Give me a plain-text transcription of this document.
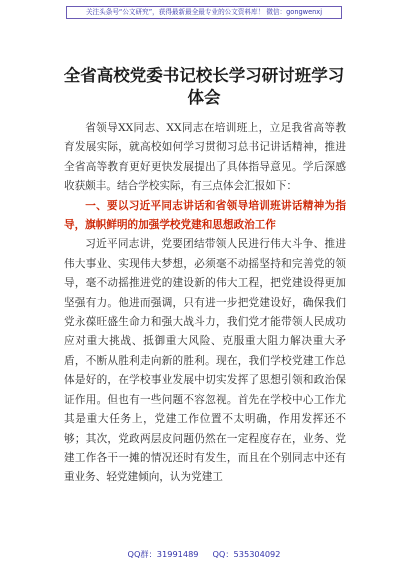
关注头条号“公文研究”，获得最新最全最专业的公文资料库！ 微信：gongwenxj
全省高校党委书记校长学习研讨班学习体会

省领导XX同志、XX同志在培训班上，立足我省高等教育发展实际，就高校如何学习贯彻习总书记讲话精神，推进全省高等教育更好更快发展提出了具体指导意见。学后深感收获颇丰。结合学校实际，有三点体会汇报如下：

一、要以习近平同志讲话和省领导培训班讲话精神为指导，旗帜鲜明的加强学校党建和思想政治工作

习近平同志讲，党要团结带领人民进行伟大斗争、推进伟大事业、实现伟大梦想，必须毫不动摇坚持和完善党的领导，毫不动摇推进党的建设新的伟大工程，把党建设得更加坚强有力。他进而强调，只有进一步把党建设好，确保我们党永葆旺盛生命力和强大战斗力，我们党才能带领人民成功应对重大挑战、抵御重大风险、克服重大阻力解决重大矛盾，不断从胜利走向新的胜利。现在，我们学校党建工作总体是好的，在学校事业发展中切实发挥了思想引领和政治保证作用。但也有一些问题不容忽视。首先在学校中心工作尤其是重大任务上，党建工作位置不太明确，作用发挥还不够；其次，党政两层皮问题仍然在一定程度存在，业务、党建工作各干一摊的情况还时有发生，而且在个别同志中还有重业务、轻党建倾向，认为党建工

QQ群：31991489 QQ：535304092
